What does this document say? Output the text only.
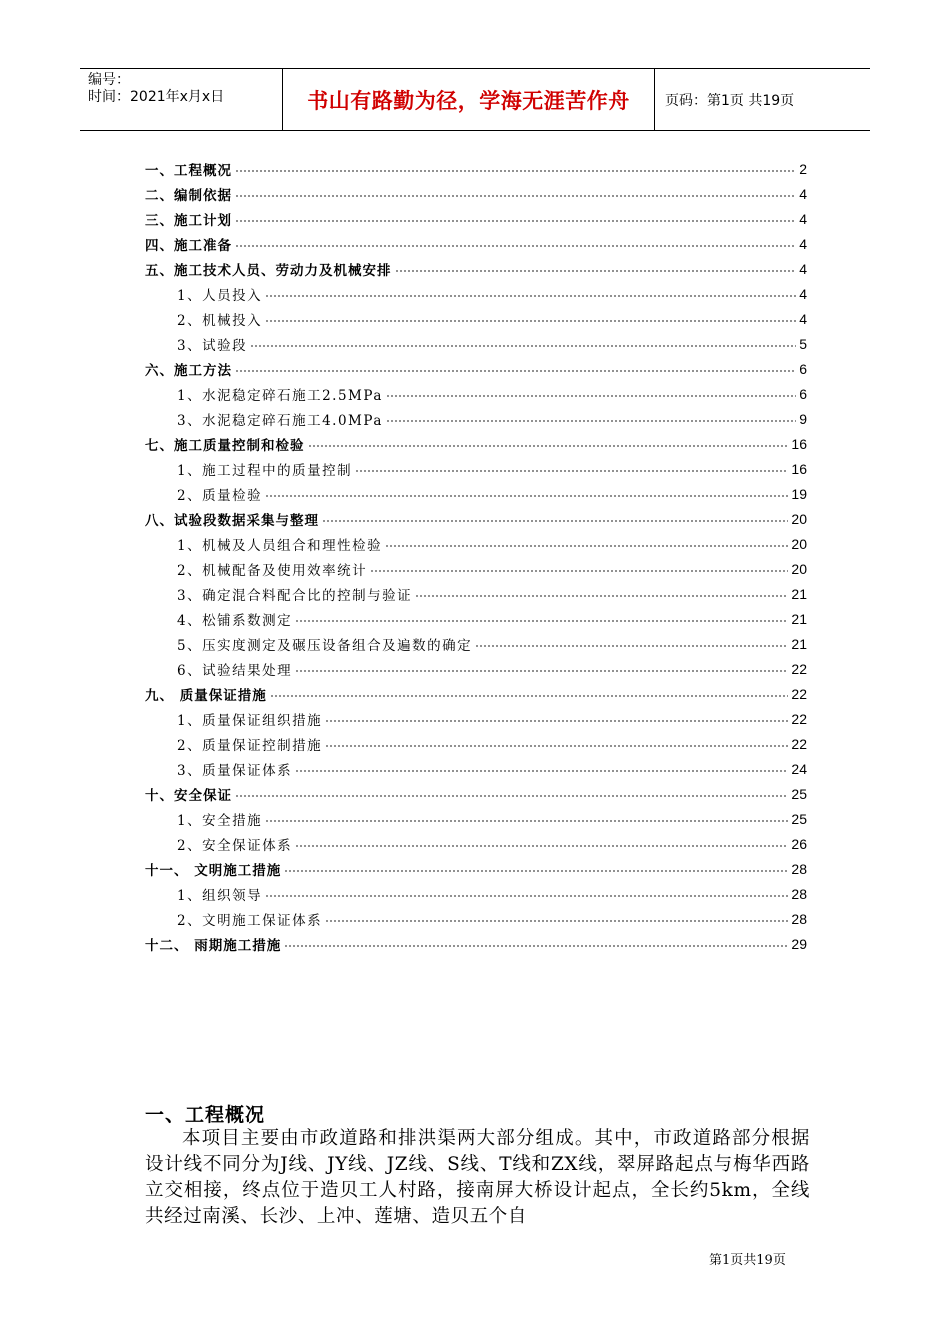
编号：
时间：2021年x月x日	书山有路勤为径，学海无涯苦作舟	页码：第1页 共19页
一、工程概况	2
二、编制依据	4
三、施工计划	4
四、施工准备	4
五、施工技术人员、劳动力及机械安排	4
1、人员投入	4
2、机械投入	4
3、试验段	5
六、施工方法	6
1、水泥稳定碎石施工2.5MPa	6
3、水泥稳定碎石施工4.0MPa	9
七、施工质量控制和检验	16
1、施工过程中的质量控制	16
2、质量检验	19
八、试验段数据采集与整理	20
1、机械及人员组合和理性检验	20
2、机械配备及使用效率统计	20
3、确定混合料配合比的控制与验证	21
4、松铺系数测定	21
5、压实度测定及碾压设备组合及遍数的确定	21
6、试验结果处理	22
九、 质量保证措施	22
1、质量保证组织措施	22
2、质量保证控制措施	22
3、质量保证体系	24
十、安全保证	25
1、安全措施	25
2、安全保证体系	26
十一、 文明施工措施	28
1、组织领导	28
2、文明施工保证体系	28
十二、 雨期施工措施	29
一、工程概况
本项目主要由市政道路和排洪渠两大部分组成。其中，市政道路部分根据设计线不同分为J线、JY线、JZ线、S线、T线和ZX线，翠屏路起点与梅华西路立交相接，终点位于造贝工人村路，接南屏大桥设计起点，全长约5km，全线共经过南溪、长沙、上冲、莲塘、造贝五个自
第1页共19页
